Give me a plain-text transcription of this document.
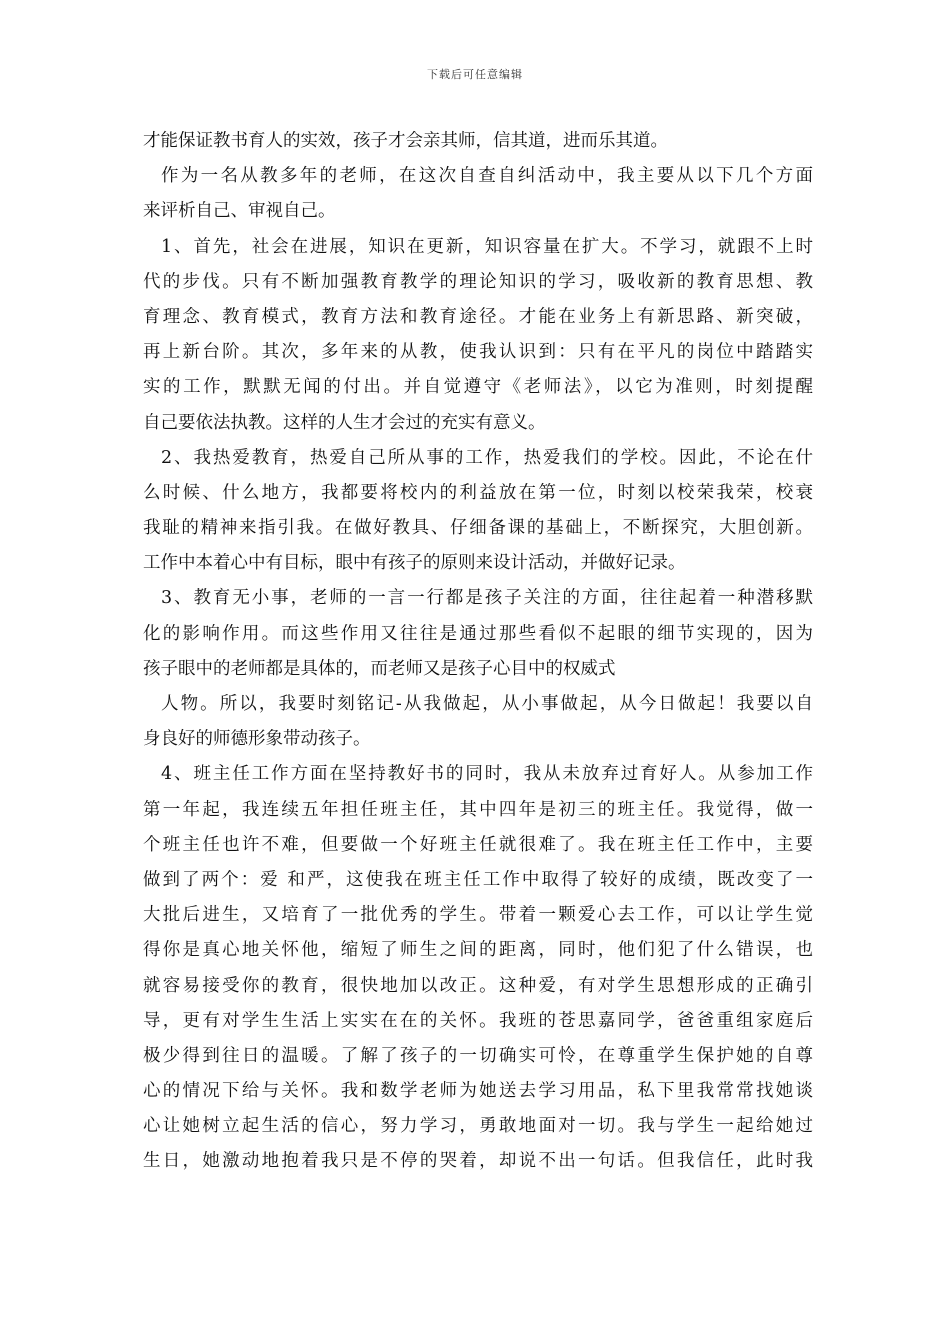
下载后可任意编辑
才能保证教书育人的实效，孩子才会亲其师，信其道，进而乐其道。
作为一名从教多年的老师，在这次自查自纠活动中，我主要从以下几个方面
来评析自己、审视自己。
1、首先，社会在进展，知识在更新，知识容量在扩大。不学习，就跟不上时
代的步伐。只有不断加强教育教学的理论知识的学习，吸收新的教育思想、教
育理念、教育模式，教育方法和教育途径。才能在业务上有新思路、新突破，
再上新台阶。其次，多年来的从教，使我认识到：只有在平凡的岗位中踏踏实
实的工作，默默无闻的付出。并自觉遵守《老师法》，以它为准则，时刻提醒
自己要依法执教。这样的人生才会过的充实有意义。
2、我热爱教育，热爱自己所从事的工作，热爱我们的学校。因此，不论在什
么时候、什么地方，我都要将校内的利益放在第一位，时刻以校荣我荣，校衰
我耻的精神来指引我。在做好教具、仔细备课的基础上，不断探究，大胆创新。
工作中本着心中有目标，眼中有孩子的原则来设计活动，并做好记录。
3、教育无小事，老师的一言一行都是孩子关注的方面，往往起着一种潜移默
化的影响作用。而这些作用又往往是通过那些看似不起眼的细节实现的，因为
孩子眼中的老师都是具体的，而老师又是孩子心目中的权威式
人物。所以，我要时刻铭记-从我做起，从小事做起，从今日做起！我要以自
身良好的师德形象带动孩子。
4、班主任工作方面在坚持教好书的同时，我从未放弃过育好人。从参加工作
第一年起，我连续五年担任班主任，其中四年是初三的班主任。我觉得，做一
个班主任也许不难，但要做一个好班主任就很难了。我在班主任工作中，主要
做到了两个：爱 和严，这使我在班主任工作中取得了较好的成绩，既改变了一
大批后进生，又培育了一批优秀的学生。带着一颗爱心去工作，可以让学生觉
得你是真心地关怀他，缩短了师生之间的距离，同时，他们犯了什么错误，也
就容易接受你的教育，很快地加以改正。这种爱，有对学生思想形成的正确引
导，更有对学生生活上实实在在的关怀。我班的苍思嘉同学，爸爸重组家庭后
极少得到往日的温暖。了解了孩子的一切确实可怜，在尊重学生保护她的自尊
心的情况下给与关怀。我和数学老师为她送去学习用品，私下里我常常找她谈
心让她树立起生活的信心，努力学习，勇敢地面对一切。我与学生一起给她过
生日，她激动地抱着我只是不停的哭着，却说不出一句话。但我信任，此时我
